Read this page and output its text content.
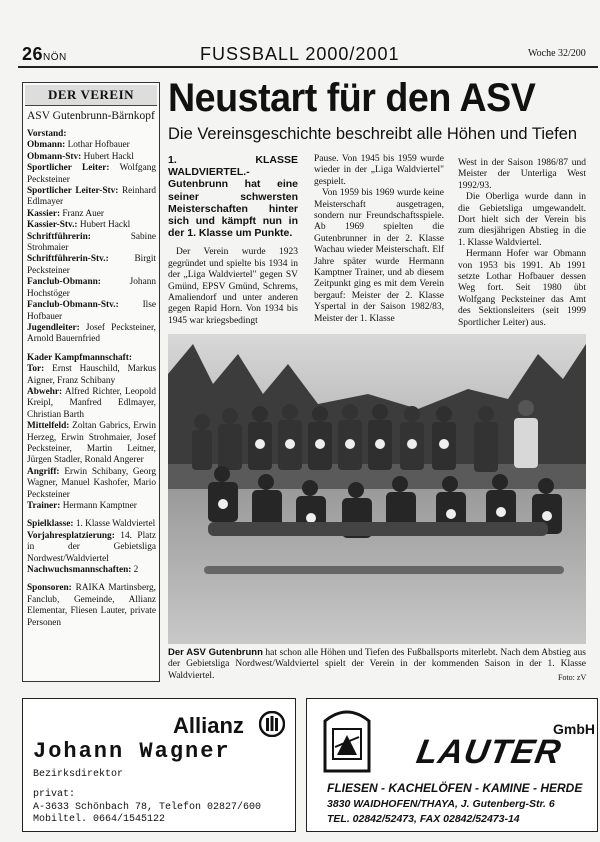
26NÖN	FUSSBALL 2000/2001	Woche 32/200
DER VEREIN
ASV Gutenbrunn-Bärnkopf

Vorstand:

Obmann: Lothar Hofbauer

Obmann-Stv: Hubert Hackl

Sportlicher Leiter: Wolfgang Pecksteiner

Sportlicher Leiter-Stv: Reinhard Edlmayer

Kassier: Franz Auer

Kassier-Stv.: Hubert Hackl

Schriftführerin:	Sabine Strohmaier

Schriftführerin-Stv.:	Birgit Pecksteiner

Fanclub-Obmann:	Johann Hochstöger

Fanclub-Obmann-Stv.:	Ilse Hofbauer

Jugendleiter: Josef Pecksteiner, Arnold Bauernfried

Kader Kampfmannschaft:

Tor: Ernst Hauschild, Markus Aigner, Franz Schibany

Abwehr: Alfred Richter, Leopold Kreipl, Manfred Edlmayer, Christian Barth

Mittelfeld: Zoltan Gabrics, Erwin Herzeg, Erwin Strohmaier, Josef Pecksteiner, Martin Leitner, Jürgen Stadler, Ronald Angerer

Angriff: Erwin Schibany, Georg Wagner, Manuel Kashofer, Mario Pecksteiner

Trainer: Hermann Kamptner

Spielklasse: 1. Klasse Waldviertel

Vorjahresplatzierung: 14. Platz in der Gebietsliga Nordwest/Waldviertel

Nachwuchsmannschaften: 2

Sponsoren: RAIKA Martinsberg, Fanclub, Gemeinde, Allianz Elementar, Fliesen Lauter, private Personen

Neustart für den ASV
Die Vereinsgeschichte beschreibt alle Höhen und Tiefen

1. KLASSE WALDVIERTEL.- Gutenbrunn hat eine seiner schwersten Meisterschaften hinter sich und kämpft nun in der 1. Klasse um Punkte.

Der Verein wurde 1923 gegründet und spielte bis 1934 in der „Liga Waldviertel" gegen SV Gmünd, EPSV Gmünd, Schrems, Amaliendorf und unter anderen gegen Rapid Horn. Von 1934 bis 1945 war kriegsbedingt

Pause. Von 1945 bis 1959 wurde wieder in der „Liga Waldviertel" gespielt.

Von 1959 bis 1969 wurde keine Meisterschaft ausgetragen, sondern nur Freundschaftsspiele. Ab 1969 spielten die Gutenbrunner in der 2. Klasse Wachau wieder Meisterschaft. Elf Jahre später wurde Hermann Kamptner Trainer, und ab diesem Zeitpunkt ging es mit dem Verein bergauf: Meister der 2. Klasse Yspertal in der Saison 1982/83, Meister der 1. Klasse

West in der Saison 1986/87 und Meister der Unterliga West 1992/93.

Die Oberliga wurde dann in die Gebietsliga umgewandelt. Dort hielt sich der Verein bis zum diesjährigen Abstieg in die 1. Klasse Waldviertel.

Hermann Hofer war Obmann von 1953 bis 1991. Ab 1991 setzte Lothar Hofbauer dessen Weg fort. Seit 1980 übt Wolfgang Pecksteiner das Amt des Sektionsleiters (seit 1999 Sportlicher Leiter) aus.

Der ASV Gutenbrunn hat schon alle Höhen und Tiefen des Fußballsports miterlebt. Nach dem Abstieg aus der Gebietsliga Nordwest/Waldviertel spielt der Verein in der kommenden Saison in der 1. Klasse Waldviertel.	Foto: zV
Allianz
Johann Wagner
Bezirksdirektor
privat:
A-3633 Schönbach 78, Telefon 02827/600
Mobiltel. 0664/1545122
GmbH
LAUTER
FLIESEN - KACHELÖFEN - KAMINE - HERDE
3830 WAIDHOFEN/THAYA, J. Gutenberg-Str. 6
TEL. 02842/52473, FAX 02842/52473-14
